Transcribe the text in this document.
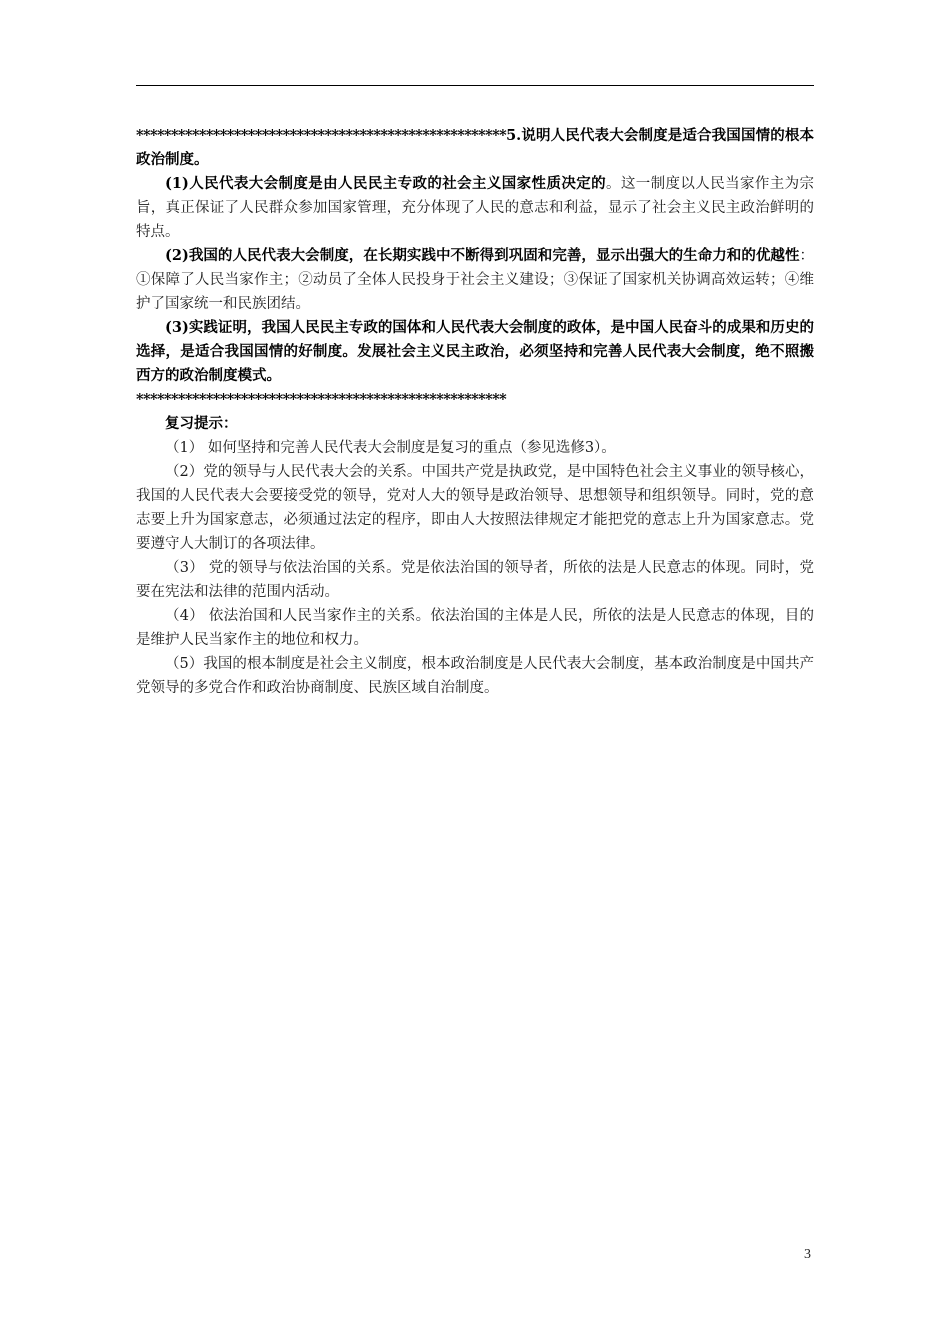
*****************************************************5.说明人民代表大会制度是适合我国国情的根本政治制度。

(1)人民代表大会制度是由人民民主专政的社会主义国家性质决定的。这一制度以人民当家作主为宗旨，真正保证了人民群众参加国家管理，充分体现了人民的意志和利益，显示了社会主义民主政治鲜明的特点。

(2)我国的人民代表大会制度，在长期实践中不断得到巩固和完善，显示出强大的生命力和的优越性：①保障了人民当家作主；②动员了全体人民投身于社会主义建设；③保证了国家机关协调高效运转；④维护了国家统一和民族团结。

(3)实践证明，我国人民民主专政的国体和人民代表大会制度的政体，是中国人民奋斗的成果和历史的选择，是适合我国国情的好制度。发展社会主义民主政治，必须坚持和完善人民代表大会制度，绝不照搬西方的政治制度模式。

*****************************************************

复习提示：

（1） 如何坚持和完善人民代表大会制度是复习的重点（参见选修3）。

（2）党的领导与人民代表大会的关系。中国共产党是执政党，是中国特色社会主义事业的领导核心，我国的人民代表大会要接受党的领导，党对人大的领导是政治领导、思想领导和组织领导。同时，党的意志要上升为国家意志，必须通过法定的程序，即由人大按照法律规定才能把党的意志上升为国家意志。党要遵守人大制订的各项法律。

（3） 党的领导与依法治国的关系。党是依法治国的领导者，所依的法是人民意志的体现。同时，党要在宪法和法律的范围内活动。

（4） 依法治国和人民当家作主的关系。依法治国的主体是人民，所依的法是人民意志的体现，目的是维护人民当家作主的地位和权力。

（5）我国的根本制度是社会主义制度，根本政治制度是人民代表大会制度，基本政治制度是中国共产党领导的多党合作和政治协商制度、民族区域自治制度。

3
